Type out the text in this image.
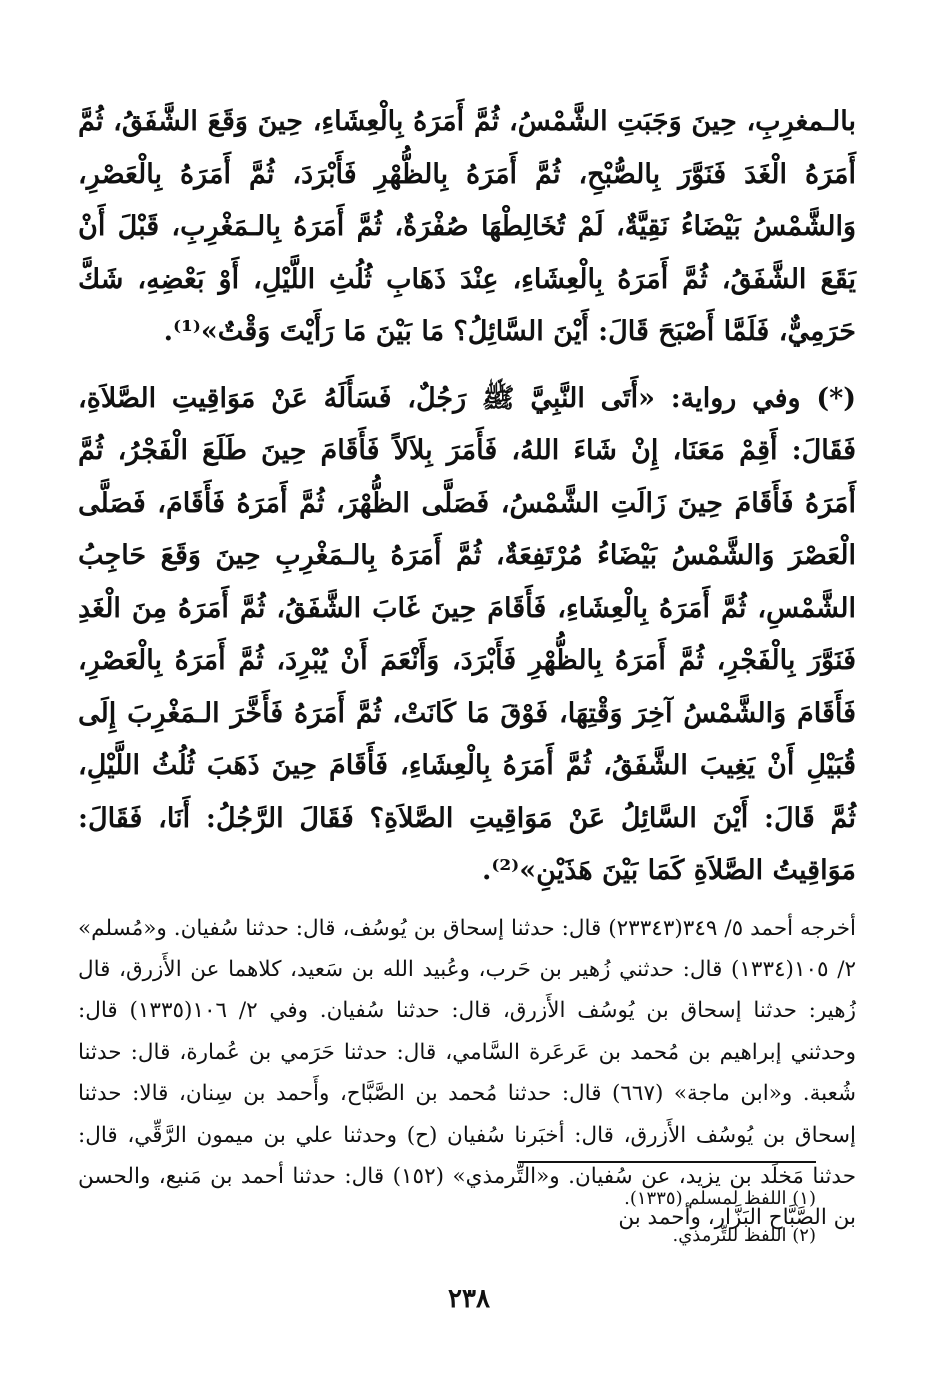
بالـمغرِبِ، حِينَ وَجَبَتِ الشَّمْسُ، ثُمَّ أَمَرَهُ بِالْعِشَاءِ، حِينَ وَقَعَ الشَّفَقُ، ثُمَّ أَمَرَهُ الْغَدَ فَنَوَّرَ بِالصُّبْحِ، ثُمَّ أَمَرَهُ بِالظُّهْرِ فَأَبْرَدَ، ثُمَّ أَمَرَهُ بِالْعَصْرِ، وَالشَّمْسُ بَيْضَاءُ نَقِيَّةٌ، لَمْ تُخَالِطْهَا صُفْرَةٌ، ثُمَّ أَمَرَهُ بِالـمَغْرِبِ، قَبْلَ أَنْ يَقَعَ الشَّفَقُ، ثُمَّ أَمَرَهُ بِالْعِشَاءِ، عِنْدَ ذَهَابِ ثُلُثِ اللَّيْلِ، أَوْ بَعْضِهِ، شَكَّ حَرَمِيٌّ، فَلَمَّا أَصْبَحَ قَالَ: أَيْنَ السَّائِلُ؟ مَا بَيْنَ مَا رَأَيْتَ وَقْتٌ»⁽¹⁾.

(*) وفي رواية: «أَتَى النَّبِيَّ ﷺ رَجُلٌ، فَسَأَلَهُ عَنْ مَوَاقِيتِ الصَّلاَةِ، فَقَالَ: أَقِمْ مَعَنَا، إِنْ شَاءَ اللهُ، فَأَمَرَ بِلاَلاً فَأَقَامَ حِينَ طَلَعَ الْفَجْرُ، ثُمَّ أَمَرَهُ فَأَقَامَ حِينَ زَالَتِ الشَّمْسُ، فَصَلَّى الظُّهْرَ، ثُمَّ أَمَرَهُ فَأَقَامَ، فَصَلَّى الْعَصْرَ وَالشَّمْسُ بَيْضَاءُ مُرْتَفِعَةٌ، ثُمَّ أَمَرَهُ بِالـمَغْرِبِ حِينَ وَقَعَ حَاجِبُ الشَّمْسِ، ثُمَّ أَمَرَهُ بِالْعِشَاءِ، فَأَقَامَ حِينَ غَابَ الشَّفَقُ، ثُمَّ أَمَرَهُ مِنَ الْغَدِ فَنَوَّرَ بِالْفَجْرِ، ثُمَّ أَمَرَهُ بِالظُّهْرِ فَأَبْرَدَ، وَأَنْعَمَ أَنْ يُبْرِدَ، ثُمَّ أَمَرَهُ بِالْعَصْرِ، فَأَقَامَ وَالشَّمْسُ آخِرَ وَقْتِهَا، فَوْقَ مَا كَانَتْ، ثُمَّ أَمَرَهُ فَأَخَّرَ الـمَغْرِبَ إِلَى قُبَيْلِ أَنْ يَغِيبَ الشَّفَقُ، ثُمَّ أَمَرَهُ بِالْعِشَاءِ، فَأَقَامَ حِينَ ذَهَبَ ثُلُثُ اللَّيْلِ، ثُمَّ قَالَ: أَيْنَ السَّائِلُ عَنْ مَوَاقِيتِ الصَّلاَةِ؟ فَقَالَ الرَّجُلُ: أَنَا، فَقَالَ: مَوَاقِيتُ الصَّلاَةِ كَمَا بَيْنَ هَذَيْنِ»⁽²⁾.

أخرجه أحمد ٥/ ٣٤٩(٢٣٣٤٣) قال: حدثنا إسحاق بن يُوسُف، قال: حدثنا سُفيان. و«مُسلم» ٢/ ١٠٥(١٣٣٤) قال: حدثني زُهير بن حَرب، وعُبيد الله بن سَعيد، كلاهما عن الأَزرق، قال زُهير: حدثنا إسحاق بن يُوسُف الأَزرق، قال: حدثنا سُفيان. وفي ٢/ ١٠٦(١٣٣٥) قال: وحدثني إبراهيم بن مُحمد بن عَرعَرة السَّامي، قال: حدثنا حَرَمي بن عُمارة، قال: حدثنا شُعبة. و«ابن ماجة» (٦٦٧) قال: حدثنا مُحمد بن الصَّبَّاح، وأَحمد بن سِنان، قالا: حدثنا إسحاق بن يُوسُف الأَزرق، قال: أخبَرنا سُفيان (ح) وحدثنا علي بن ميمون الرَّقِّي، قال: حدثنا مَخلَد بن يزيد، عن سُفيان. و«التِّرمذي» (١٥٢) قال: حدثنا أحمد بن مَنيع، والحسن بن الصَّبَّاح البَزَّار، وأحمد بن

(١) اللفظ لمسلم (١٣٣٥).
(٢) اللفظ للتِّرمذي.
٢٣٨
